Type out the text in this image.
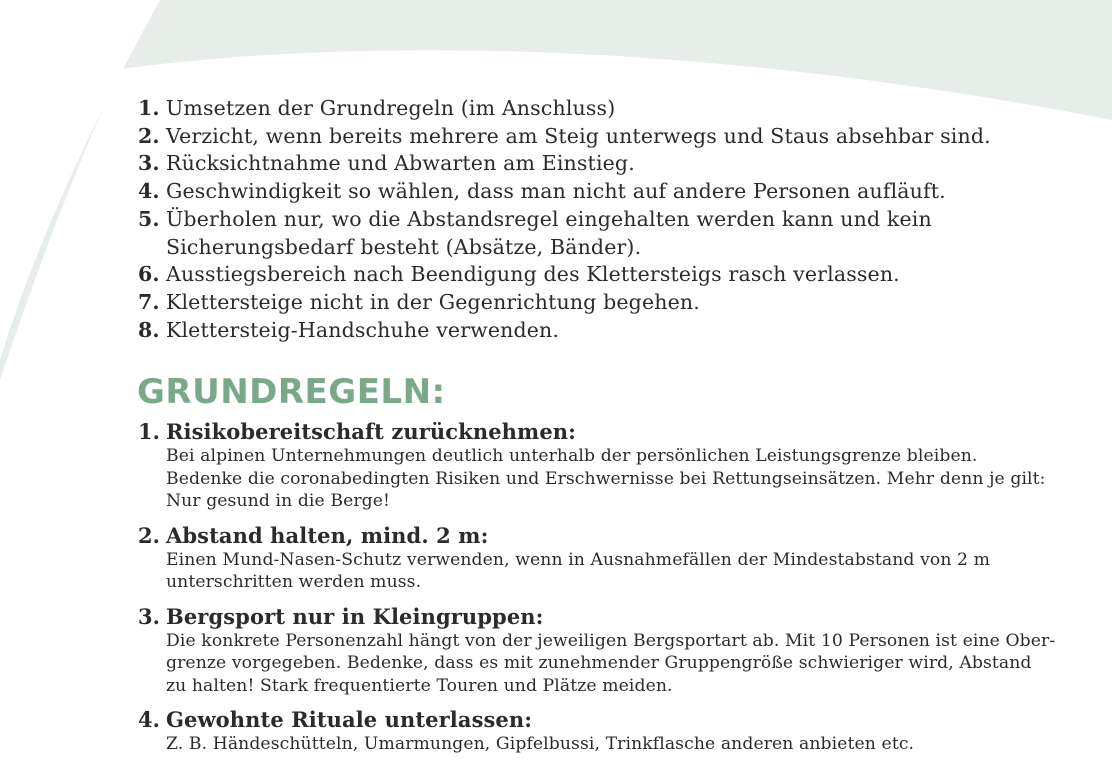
1. Umsetzen der Grundregeln (im Anschluss)
2. Verzicht, wenn bereits mehrere am Steig unterwegs und Staus absehbar sind.
3. Rücksichtnahme und Abwarten am Einstieg.
4. Geschwindigkeit so wählen, dass man nicht auf andere Personen aufläuft.
5. Überholen nur, wo die Abstandsregel eingehalten werden kann und kein
Sicherungsbedarf besteht (Absätze, Bänder).
6. Ausstiegsbereich nach Beendigung des Klettersteigs rasch verlassen.
7. Klettersteige nicht in der Gegenrichtung begehen.
8. Klettersteig-Handschuhe verwenden.
GRUNDREGELN:
1. Risikobereitschaft zurücknehmen:
Bei alpinen Unternehmungen deutlich unterhalb der persönlichen Leistungsgrenze bleiben.
Bedenke die coronabedingten Risiken und Erschwernisse bei Rettungseinsätzen. Mehr denn je gilt:
Nur gesund in die Berge!
2. Abstand halten, mind. 2 m:
Einen Mund-Nasen-Schutz verwenden, wenn in Ausnahmefällen der Mindestabstand von 2 m
unterschritten werden muss.
3. Bergsport nur in Kleingruppen:
Die konkrete Personenzahl hängt von der jeweiligen Bergsportart ab. Mit 10 Personen ist eine Ober-
grenze vorgegeben. Bedenke, dass es mit zunehmender Gruppengröße schwieriger wird, Abstand
zu halten! Stark frequentierte Touren und Plätze meiden.
4. Gewohnte Rituale unterlassen:
Z. B. Händeschütteln, Umarmungen, Gipfelbussi, Trinkflasche anderen anbieten etc.
